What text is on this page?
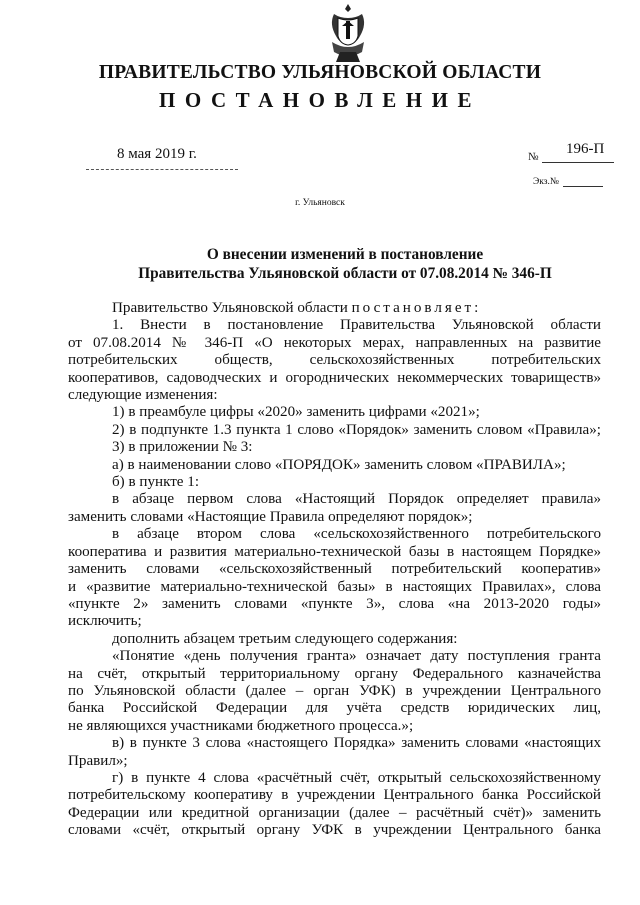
ПРАВИТЕЛЬСТВО УЛЬЯНОВСКОЙ ОБЛАСТИ
ПОСТАНОВЛЕНИЕ
8 мая 2019 г.	№ 196-П
Экз.№
г. Ульяновск
О внесении изменений в постановление
Правительства Ульяновской области от 07.08.2014 № 346-П

Правительство Ульяновской области постановляет:

1. Внести в постановление Правительства Ульяновской области

от 07.08.2014 № 346-П «О некоторых мерах, направленных на развитие

потребительских обществ, сельскохозяйственных потребительских

кооперативов, садоводческих и огороднических некоммерческих товариществ»

следующие изменения:

1) в преамбуле цифры «2020» заменить цифрами «2021»;

2) в подпункте 1.3 пункта 1 слово «Порядок» заменить словом «Правила»;

3) в приложении № 3:

а) в наименовании слово «ПОРЯДОК» заменить словом «ПРАВИЛА»;

б) в пункте 1:

в абзаце первом слова «Настоящий Порядок определяет правила»

заменить словами «Настоящие Правила определяют порядок»;

в абзаце втором слова «сельскохозяйственного потребительского

кооператива и развития материально-технической базы в настоящем Порядке»

заменить словами «сельскохозяйственный потребительский кооператив»

и «развитие материально-технической базы» в настоящих Правилах», слова

«пункте 2» заменить словами «пункте 3», слова «на 2013-2020 годы»

исключить;

дополнить абзацем третьим следующего содержания:

«Понятие «день получения гранта» означает дату поступления гранта

на счёт, открытый территориальному органу Федерального казначейства

по Ульяновской области (далее – орган УФК) в учреждении Центрального

банка Российской Федерации для учёта средств юридических лиц,

не являющихся участниками бюджетного процесса.»;

в) в пункте 3 слова «настоящего Порядка» заменить словами «настоящих

Правил»;

г) в пункте 4 слова «расчётный счёт, открытый сельскохозяйственному

потребительскому кооперативу в учреждении Центрального банка Российской

Федерации или кредитной организации (далее – расчётный счёт)» заменить

словами «счёт, открытый органу УФК в учреждении Центрального банка
